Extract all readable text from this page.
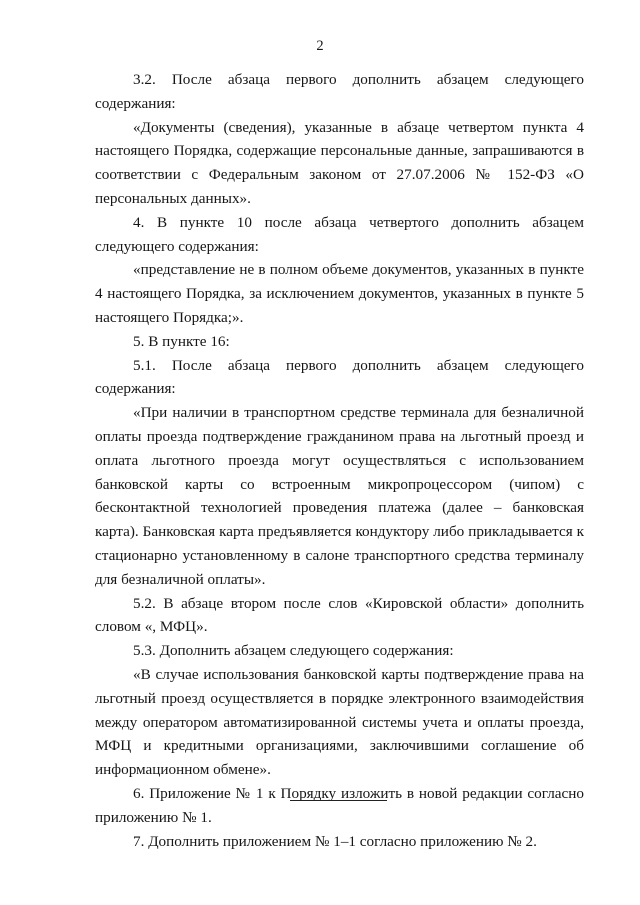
2

3.2. После абзаца первого дополнить абзацем следующего содержания:

«Документы (сведения), указанные в абзаце четвертом пункта 4 настоящего Порядка, содержащие персональные данные, запрашиваются в соответствии с Федеральным законом от 27.07.2006 № 152-ФЗ «О персональных данных».

4. В пункте 10 после абзаца четвертого дополнить абзацем следующего содержания:

«представление не в полном объеме документов, указанных в пункте 4 настоящего Порядка, за исключением документов, указанных в пункте 5 настоящего Порядка;».

5. В пункте 16:

5.1. После абзаца первого дополнить абзацем следующего содержания:

«При наличии в транспортном средстве терминала для безналичной оплаты проезда подтверждение гражданином права на льготный проезд и оплата льготного проезда могут осуществляться с использованием банковской карты со встроенным микропроцессором (чипом) с бесконтактной технологией проведения платежа (далее – банковская карта). Банковская карта предъявляется кондуктору либо прикладывается к стационарно установленному в салоне транспортного средства терминалу для безналичной оплаты».

5.2. В абзаце втором после слов «Кировской области» дополнить словом «, МФЦ».

5.3. Дополнить абзацем следующего содержания:

«В случае использования банковской карты подтверждение права на льготный проезд осуществляется в порядке электронного взаимодействия между оператором автоматизированной системы учета и оплаты проезда, МФЦ и кредитными организациями, заключившими соглашение об информационном обмене».

6. Приложение № 1 к Порядку изложить в новой редакции согласно приложению № 1.

7. Дополнить приложением № 1–1 согласно приложению № 2.
